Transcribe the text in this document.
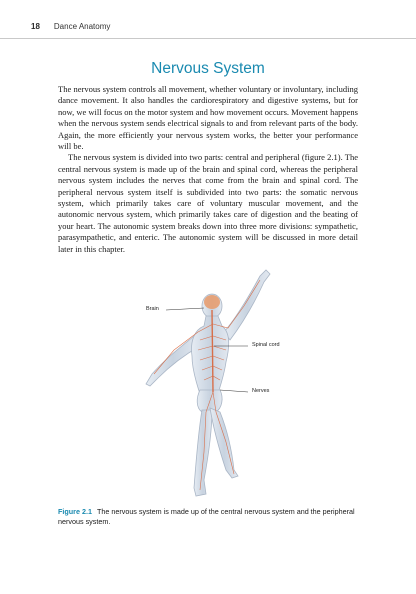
18 Dance Anatomy
Nervous System

The nervous system controls all movement, whether voluntary or involuntary, including dance movement. It also handles the cardiorespiratory and digestive systems, but for now, we will focus on the motor system and how movement occurs. Movement happens when the nervous system sends electrical signals to and from relevant parts of the body. Again, the more efficiently your nervous system works, the better your performance will be.

The nervous system is divided into two parts: central and peripheral (figure 2.1). The central nervous system is made up of the brain and spinal cord, whereas the peripheral nervous system includes the nerves that come from the brain and spinal cord. The peripheral nervous system itself is subdivided into two parts: the somatic nervous system, which primarily takes care of voluntary muscular movement, and the autonomic nervous system, which primarily takes care of digestion and the beating of your heart. The autonomic system breaks down into three more divisions: sympathetic, parasympathetic, and enteric. The autonomic system will be discussed in more detail later in this chapter.

Brain
Spinal cord
Nerves
Figure 2.1 The nervous system is made up of the central nervous system and the peripheral nervous system.
